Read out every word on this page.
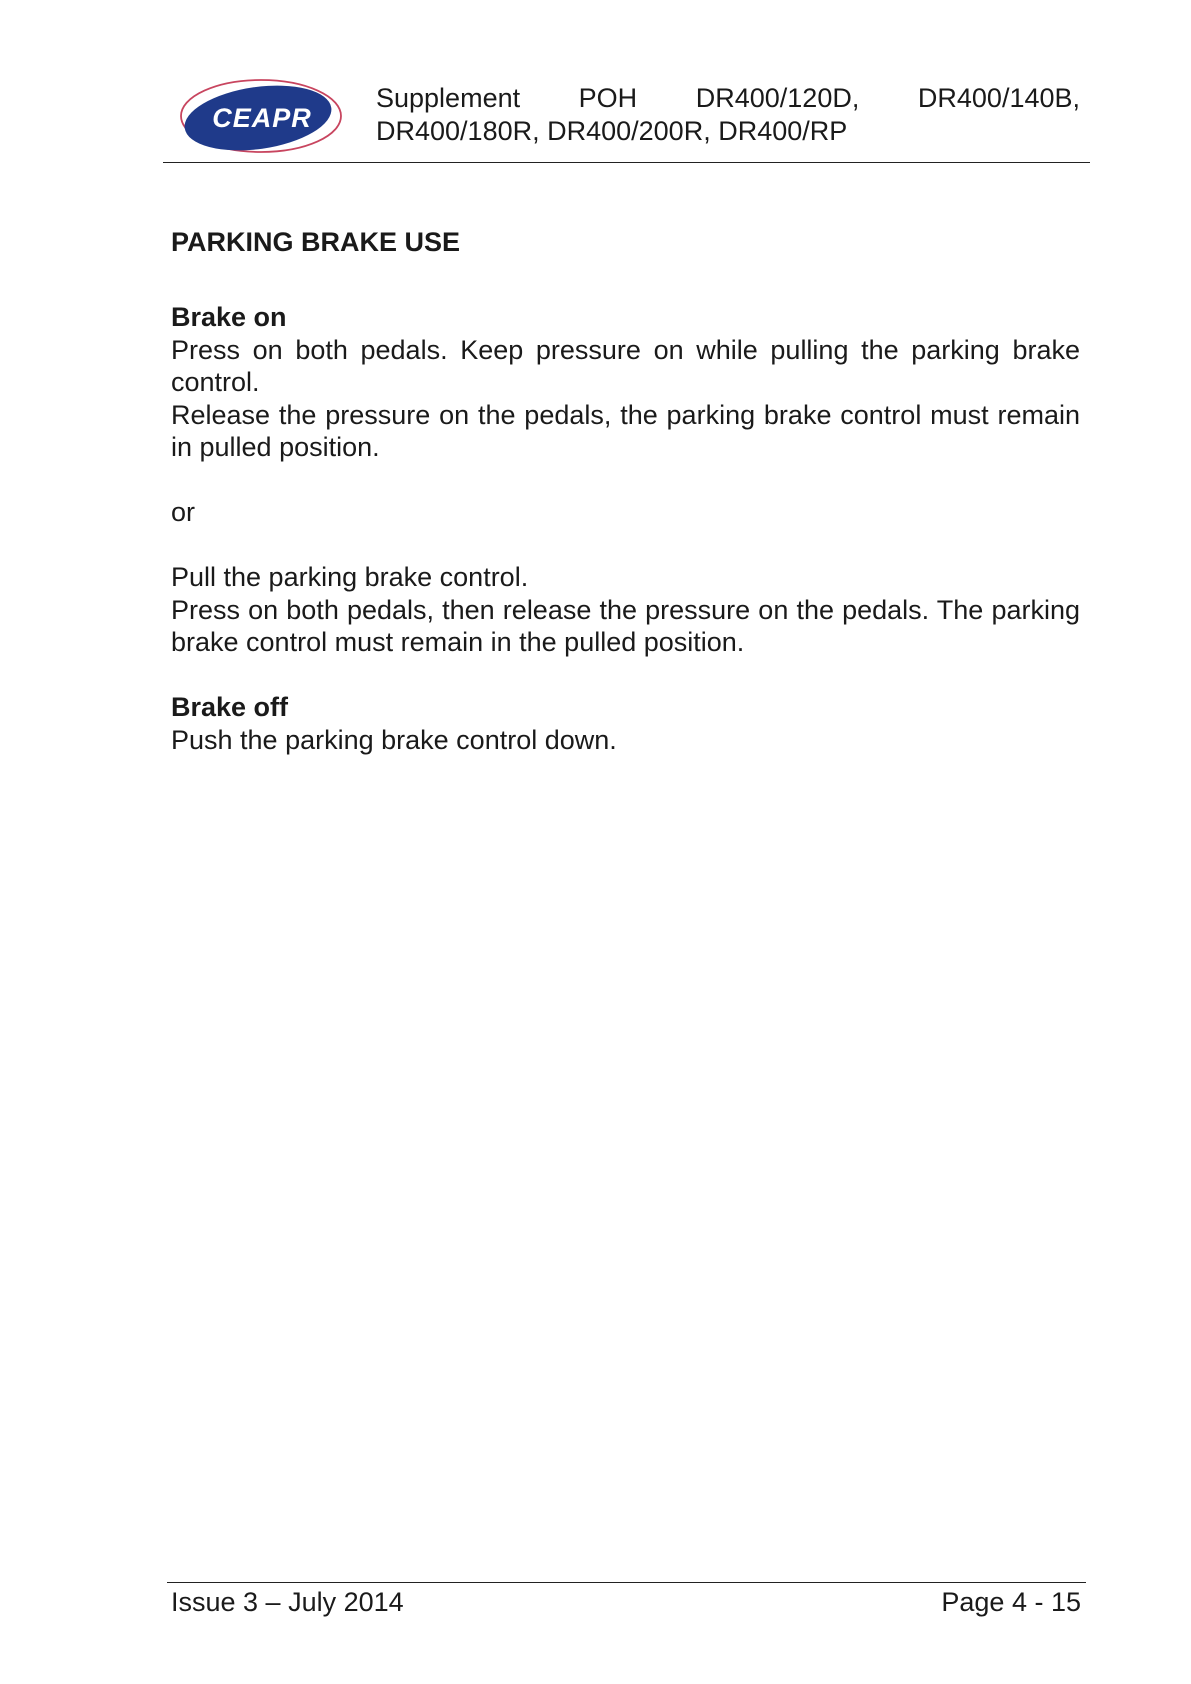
CEAPR
Supplement POH DR400/120D, DR400/140B,
DR400/180R, DR400/200R, DR400/RP

PARKING BRAKE USE

Brake on

Press on both pedals. Keep pressure on while pulling the parking brake control.

Release the pressure on the pedals, the parking brake control must remain in pulled position.

or

Pull the parking brake control.

Press on both pedals, then release the pressure on the pedals. The parking brake control must remain in the pulled position.

Brake off

Push the parking brake control down.

Issue 3 – July 2014	Page 4 - 15
